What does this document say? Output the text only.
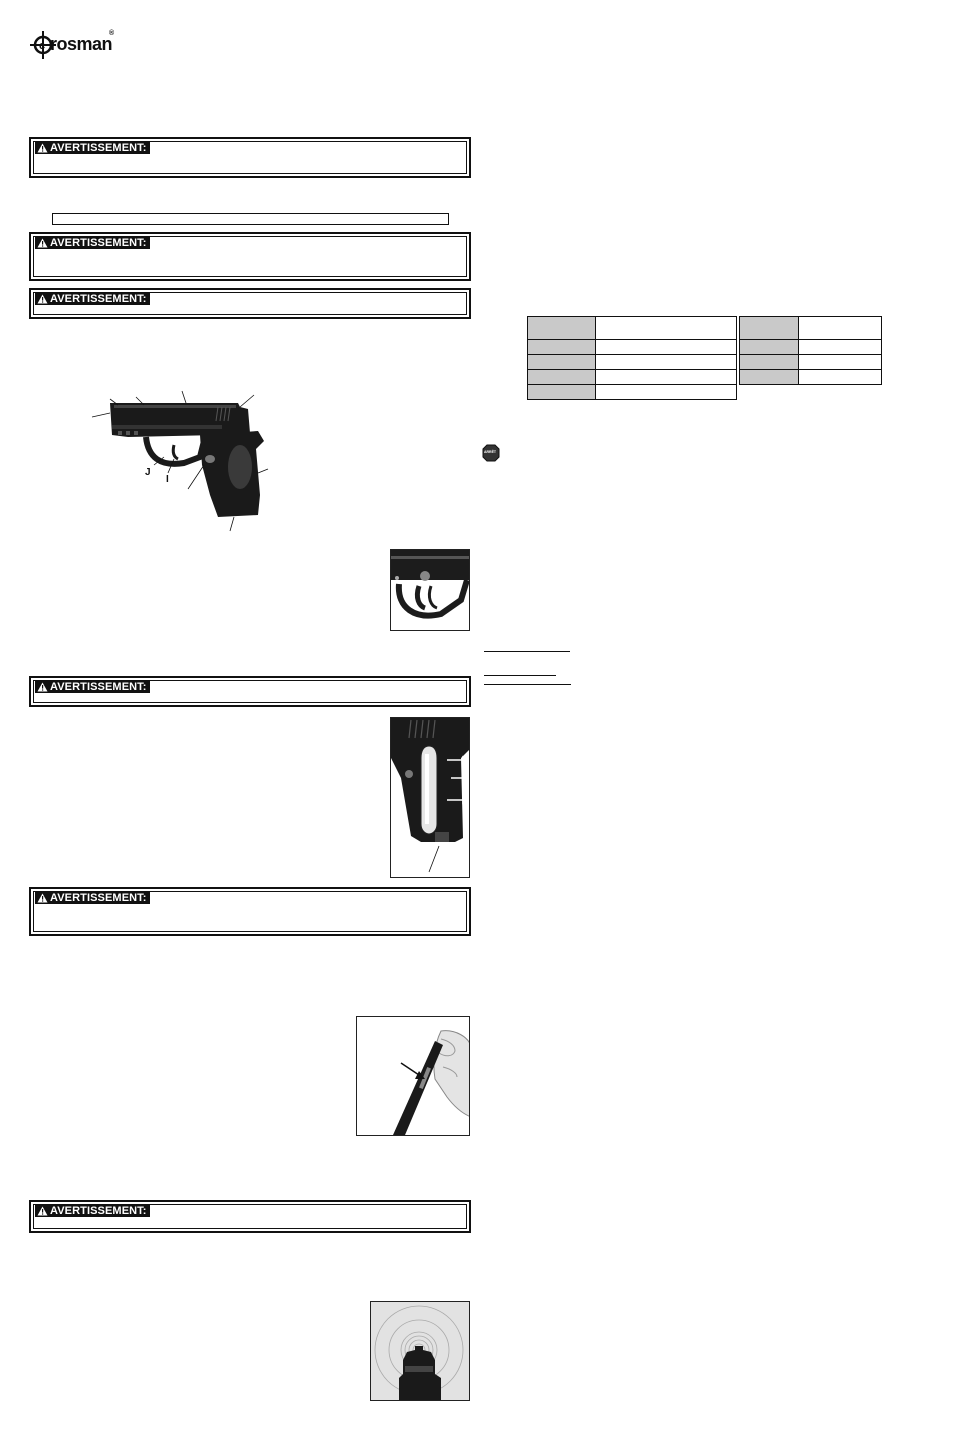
c rosman
®
AVERTISSEMENT:
AVERTISSEMENT:
AVERTISSEMENT:
J
I
AVERTISSEMENT:
AVERTISSEMENT:
AVERTISSEMENT:

ARRÊT
